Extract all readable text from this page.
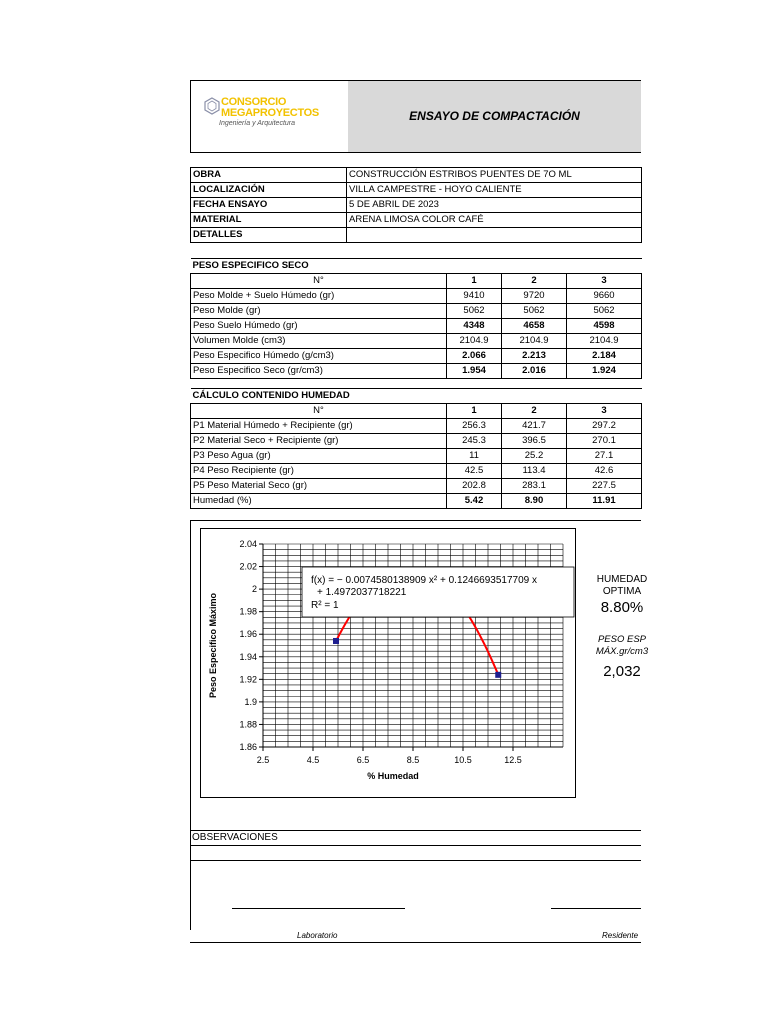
CONSORCIO
MEGAPROYECTOS
Ingeniería y Arquitectura
ENSAYO DE COMPACTACIÓN
OBRA	CONSTRUCCIÓN ESTRIBOS PUENTES DE 7O ML
LOCALIZACIÓN	VILLA CAMPESTRE - HOYO CALIENTE
FECHA ENSAYO	5 DE ABRIL DE 2023
MATERIAL	ARENA LIMOSA COLOR CAFÉ
DETALLES	
PESO ESPECIFICO SECO			
N°	1	2	3
Peso Molde + Suelo Húmedo (gr)	9410	9720	9660
Peso Molde (gr)	5062	5062	5062
Peso Suelo Húmedo (gr)	4348	4658	4598
Volumen Molde (cm3)	2104.9	2104.9	2104.9
Peso Especifico Húmedo (g/cm3)	2.066	2.213	2.184
Peso Especifico Seco (gr/cm3)	1.954	2.016	1.924
CÁLCULO CONTENIDO HUMEDAD			
N°	1	2	3
P1 Material Húmedo + Recipiente (gr)	256.3	421.7	297.2
P2 Material Seco + Recipiente (gr)	245.3	396.5	270.1
P3 Peso Agua (gr)	11	25.2	27.1
P4 Peso Recipiente (gr)	42.5	113.4	42.6
P5 Peso Material Seco (gr)	202.8	283.1	227.5
Humedad (%)	5.42	8.90	11.91
2.5	4.5	6.5	8.5	10.5	12.5
1.86
1.88
1.9
1.92
1.94
1.96
1.98
2
2.02
2.04
% Humedad
Peso Especifico Máximo
f(x) = − 0.0074580138909 x² + 0.1246693517709 x
+ 1.49720377182​21
R² = 1
HUMEDAD
OPTIMA
8.80%
PESO ESP
MÁX.gr/cm3
2,032
OBSERVACIONES
Laboratorio	Residente
